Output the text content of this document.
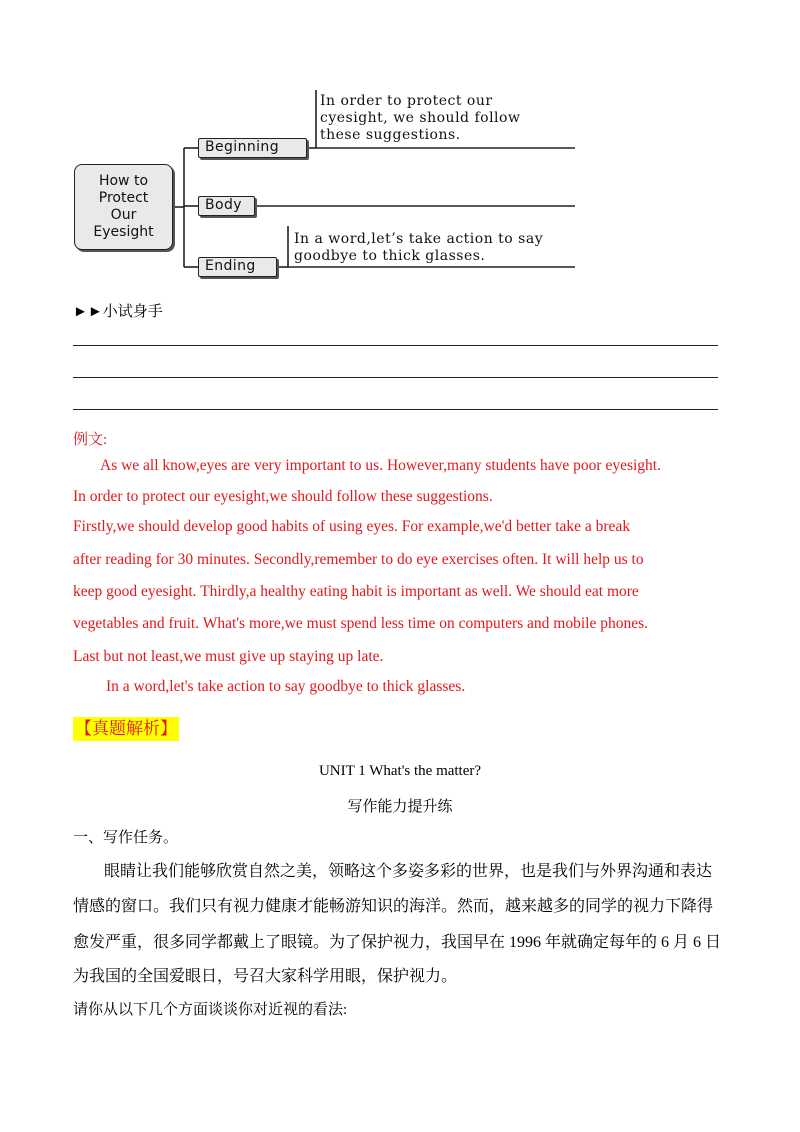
How to
Protect
Our
Eyesight
Beginning
Body
Ending
In order to protect our
cyesight, we should follow
these suggestions.
In a word,let’s take action to say
goodbye to thick glasses.
►►小试身手
例文:
As we all know,eyes are very important to us. However,many students have poor eyesight.
In order to protect our eyesight,we should follow these suggestions.
Firstly,we should develop good habits of using eyes. For example,we'd better take a break
after reading for 30 minutes. Secondly,remember to do eye exercises often. It will help us to
keep good eyesight. Thirdly,a healthy eating habit is important as well. We should eat more
vegetables and fruit. What's more,we must spend less time on computers and mobile phones.
Last but not least,we must give up staying up late.
In a word,let's take action to say goodbye to thick glasses.
【真题解析】
UNIT 1 What's the matter?
写作能力提升练
一、写作任务。
眼睛让我们能够欣赏自然之美，领略这个多姿多彩的世界，也是我们与外界沟通和表达
情感的窗口。我们只有视力健康才能畅游知识的海洋。然而，越来越多的同学的视力下降得
愈发严重，很多同学都戴上了眼镜。为了保护视力，我国早在 1996 年就确定每年的 6 月 6 日
为我国的全国爱眼日，号召大家科学用眼，保护视力。
请你从以下几个方面谈谈你对近视的看法:
